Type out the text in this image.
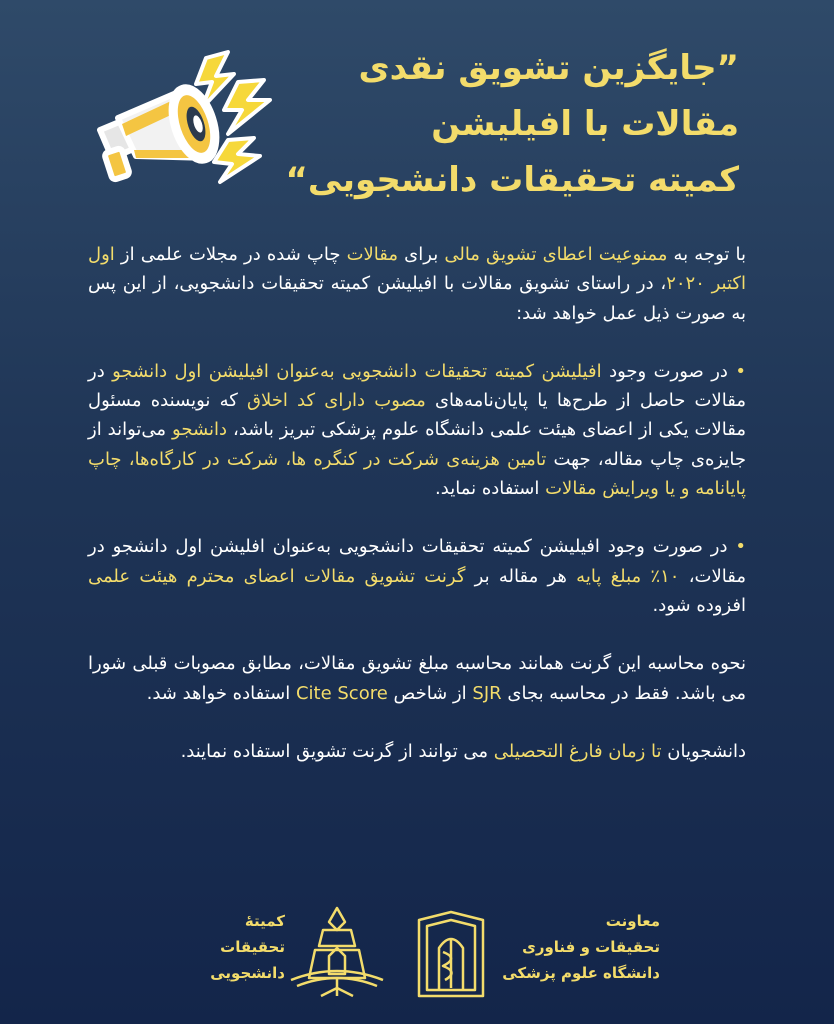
”جایگزین تشویق نقدی
مقالات با افیلیشن
کمیته تحقیقات دانشجویی“

با توجه به ممنوعیت اعطای تشویق مالی برای مقالات چاپ شده در مجلات علمی از اول اکتبر ۲۰۲۰، در راستای تشویق مقالات با افیلیشن کمیته تحقیقات دانشجویی، از این پس به صورت ذیل عمل خواهد شد:

• در صورت وجود افیلیشن کمیته تحقیقات دانشجویی به‌عنوان افیلیشن اول دانشجو در مقالات حاصل از طرح‌ها یا پایان‌نامه‌های مصوب دارای کد اخلاق که نویسنده مسئول مقالات یکی از اعضای هیئت علمی دانشگاه علوم پزشکی تبریز باشد، دانشجو می‌تواند از جایزه‌ی چاپ مقاله، جهت تامین هزینه‌ی شرکت در کنگره ها، شرکت در کارگاه‌ها، چاپ پایانامه و یا ویرایش مقالات استفاده نماید.

• در صورت وجود افیلیشن کمیته تحقیقات دانشجویی به‌عنوان افلیشن اول دانشجو در مقالات، ۱۰٪ مبلغ پایه هر مقاله بر گرنت تشویق مقالات اعضای محترم هیئت علمی افزوده شود.

نحوه محاسبه این گرنت همانند محاسبه مبلغ تشویق مقالات، مطابق مصوبات قبلی شورا می باشد. فقط در محاسبه بجای SJR از شاخص Cite Score استفاده خواهد شد.

دانشجویان تا زمان فارغ التحصیلی می توانند از گرنت تشویق استفاده نمایند.

کمیتهٔ
تحقیقات
دانشجویی
معاونت
تحقیقات و فناوری
دانشگاه علوم پزشکی
